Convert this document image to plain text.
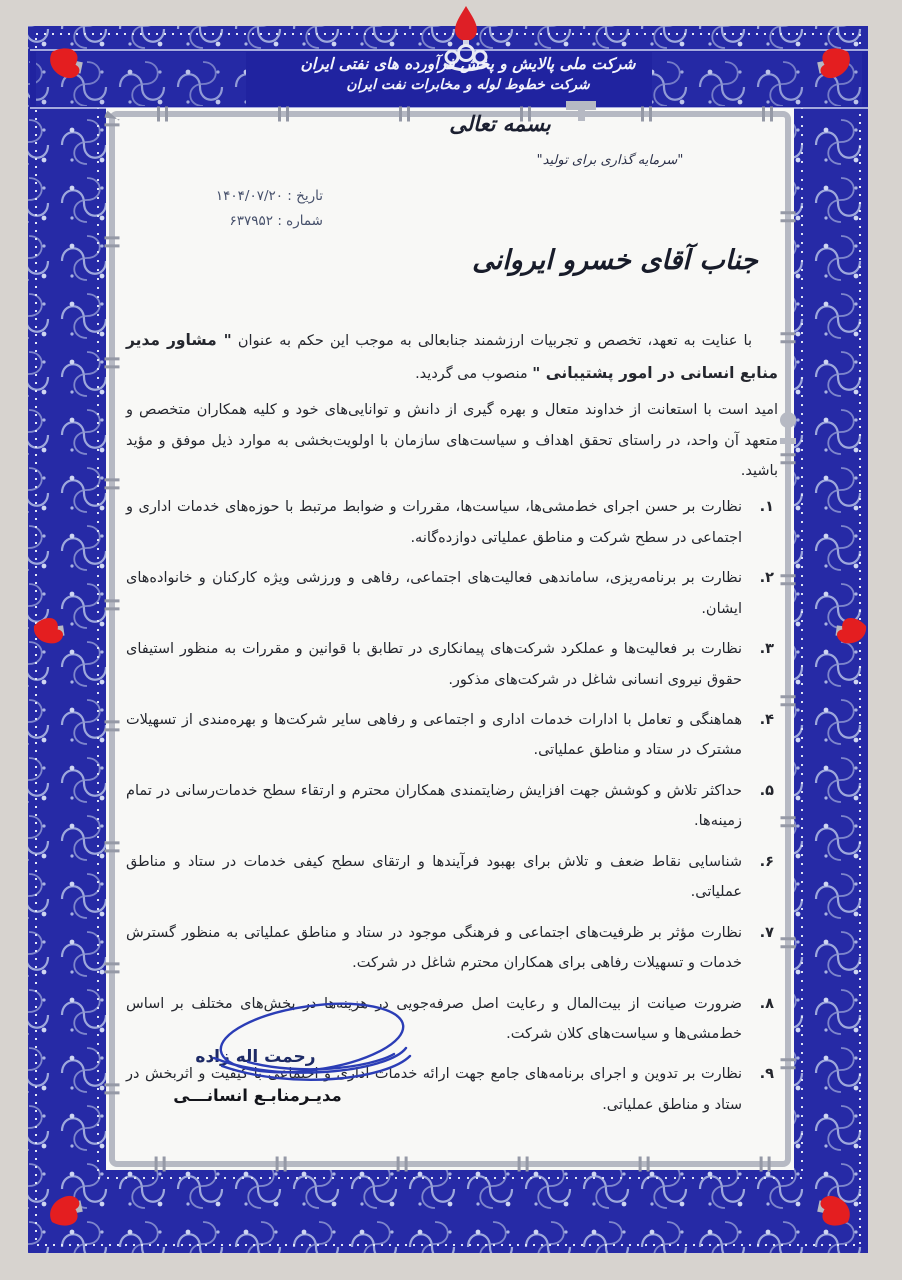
شرکت ملی پالایش و پخش فرآورده های نفتی ایران
شرکت خطوط لوله و مخابرات نفت ایران
بسمه تعالی
"سرمایه گذاری برای تولید"
تاریخ : ۱۴۰۴/۰۷/۲۰
شماره : ۶۳۷۹۵۲
جناب آقای خسرو ایروانی

با عنایت به تعهد، تخصص و تجربیات ارزشمند جنابعالی به موجب این حکم به عنوان " مشاور مدیر منابع انسانی در امور پشتیبانی " منصوب می گردید.

امید است با استعانت از خداوند متعال و بهره گیری از دانش و توانایی‌های خود و کلیه همکاران متخصص و متعهد آن واحد، در راستای تحقق اهداف و سیاست‌های سازمان با اولویت‌بخشی به موارد ذیل موفق و مؤید باشید.

۱.
نظارت بر حسن اجرای خط‌مشی‌ها، سیاست‌ها، مقررات و ضوابط مرتبط با حوزه‌های خدمات اداری و اجتماعی در سطح شرکت و مناطق عملیاتی دوازده‌گانه.
۲.
نظارت بر برنامه‌ریزی، ساماندهی فعالیت‌های اجتماعی، رفاهی و ورزشی ویژه کارکنان و خانواده‌های ایشان.
۳.
نظارت بر فعالیت‌ها و عملکرد شرکت‌های پیمانکاری در تطابق با قوانین و مقررات به منظور استیفای حقوق نیروی انسانی شاغل در شرکت‌های مذکور.
۴.
هماهنگی و تعامل با ادارات خدمات اداری و اجتماعی و رفاهی سایر شرکت‌ها و بهره‌مندی از تسهیلات مشترک در ستاد و مناطق عملیاتی.
۵.
حداکثر تلاش و کوشش جهت افزایش رضایتمندی همکاران محترم و ارتقاء سطح خدمات‌رسانی در تمام زمینه‌ها.
۶.
شناسایی نقاط ضعف و تلاش برای بهبود فرآیندها و ارتقای سطح کیفی خدمات در ستاد و مناطق عملیاتی.
۷.
نظارت مؤثر بر ظرفیت‌های اجتماعی و فرهنگی موجود در ستاد و مناطق عملیاتی به منظور گسترش خدمات و تسهیلات رفاهی برای همکاران محترم شاغل در شرکت.
۸.
ضرورت صیانت از بیت‌المال و رعایت اصل صرفه‌جویی در هزینه‌ها در بخش‌های مختلف بر اساس خط‌مشی‌ها و سیاست‌های کلان شرکت.
۹.
نظارت بر تدوین و اجرای برنامه‌های جامع جهت ارائه خدمات اداری و اجتماعی با کیفیت و اثربخش در ستاد و مناطق عملیاتی.
رحمت اله زاده
مدیـرمنابـع انسانـــی
